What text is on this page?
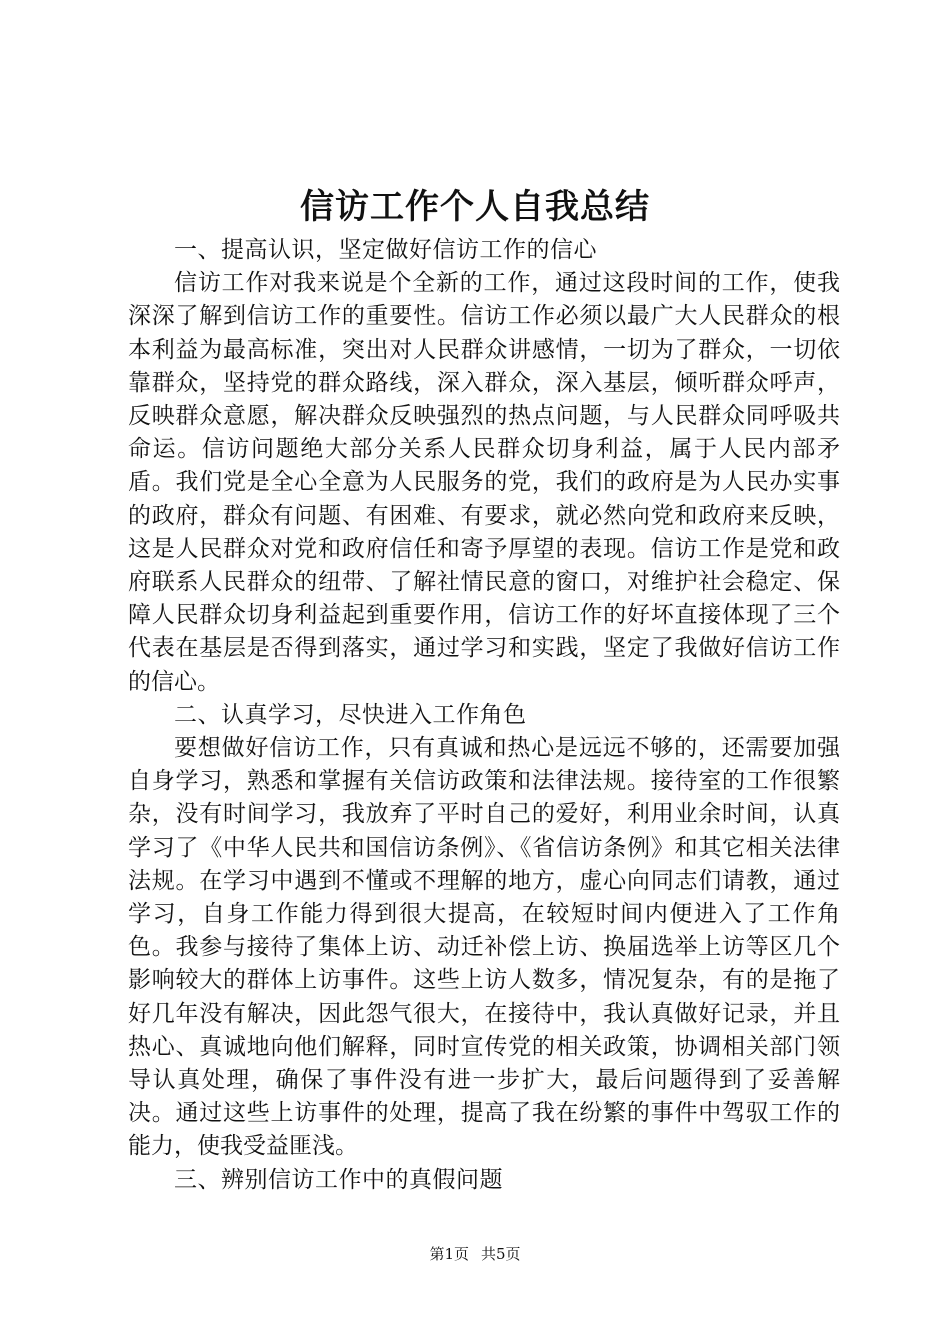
信访工作个人自我总结

一、提高认识，坚定做好信访工作的信心

信访工作对我来说是个全新的工作，通过这段时间的工作，使我深深了解到信访工作的重要性。信访工作必须以最广大人民群众的根本利益为最高标准，突出对人民群众讲感情，一切为了群众，一切依靠群众，坚持党的群众路线，深入群众，深入基层，倾听群众呼声，反映群众意愿，解决群众反映强烈的热点问题，与人民群众同呼吸共命运。信访问题绝大部分关系人民群众切身利益，属于人民内部矛盾。我们党是全心全意为人民服务的党，我们的政府是为人民办实事的政府，群众有问题、有困难、有要求，就必然向党和政府来反映，这是人民群众对党和政府信任和寄予厚望的表现。信访工作是党和政府联系人民群众的纽带、了解社情民意的窗口，对维护社会稳定、保障人民群众切身利益起到重要作用，信访工作的好坏直接体现了三个代表在基层是否得到落实，通过学习和实践，坚定了我做好信访工作的信心。

二、认真学习，尽快进入工作角色

要想做好信访工作，只有真诚和热心是远远不够的，还需要加强自身学习，熟悉和掌握有关信访政策和法律法规。接待室的工作很繁杂，没有时间学习，我放弃了平时自己的爱好，利用业余时间，认真学习了《中华人民共和国信访条例》、《省信访条例》和其它相关法律法规。在学习中遇到不懂或不理解的地方，虚心向同志们请教，通过学习，自身工作能力得到很大提高，在较短时间内便进入了工作角色。我参与接待了集体上访、动迁补偿上访、换届选举上访等区几个影响较大的群体上访事件。这些上访人数多，情况复杂，有的是拖了好几年没有解决，因此怨气很大，在接待中，我认真做好记录，并且热心、真诚地向他们解释，同时宣传党的相关政策，协调相关部门领导认真处理，确保了事件没有进一步扩大，最后问题得到了妥善解决。通过这些上访事件的处理，提高了我在纷繁的事件中驾驭工作的能力，使我受益匪浅。

三、辨别信访工作中的真假问题

第1页 共5页
